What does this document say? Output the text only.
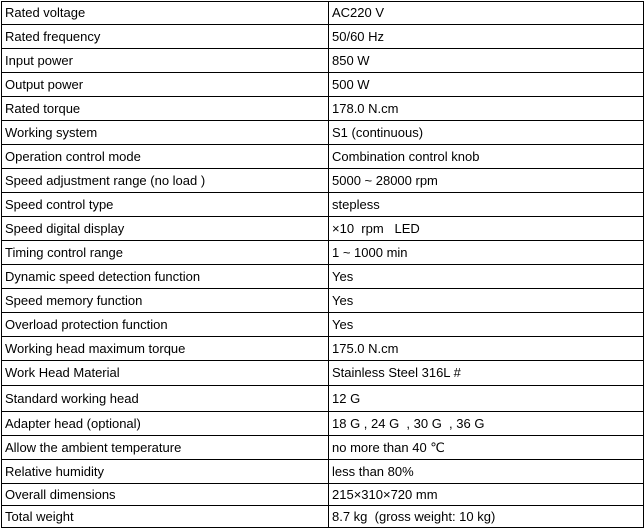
Rated voltage	AC220 V
Rated frequency	50/60 Hz
Input power	850 W
Output power	500 W
Rated torque	178.0 N.cm
Working system	S1 (continuous)
Operation control mode	Combination control knob
Speed adjustment range (no load )	5000 ~ 28000 rpm
Speed control type	stepless
Speed digital display	×10  rpm   LED
Timing control range	1 ~ 1000 min
Dynamic speed detection function	Yes
Speed memory function	Yes
Overload protection function	Yes
Working head maximum torque	175.0 N.cm
Work Head Material	Stainless Steel 316L #
Standard working head	12 G
Adapter head (optional)	18 G , 24 G  , 30 G  , 36 G
Allow the ambient temperature	no more than 40 ℃
Relative humidity	less than 80%
Overall dimensions	215×310×720 mm
Total weight	8.7 kg  (gross weight: 10 kg)
